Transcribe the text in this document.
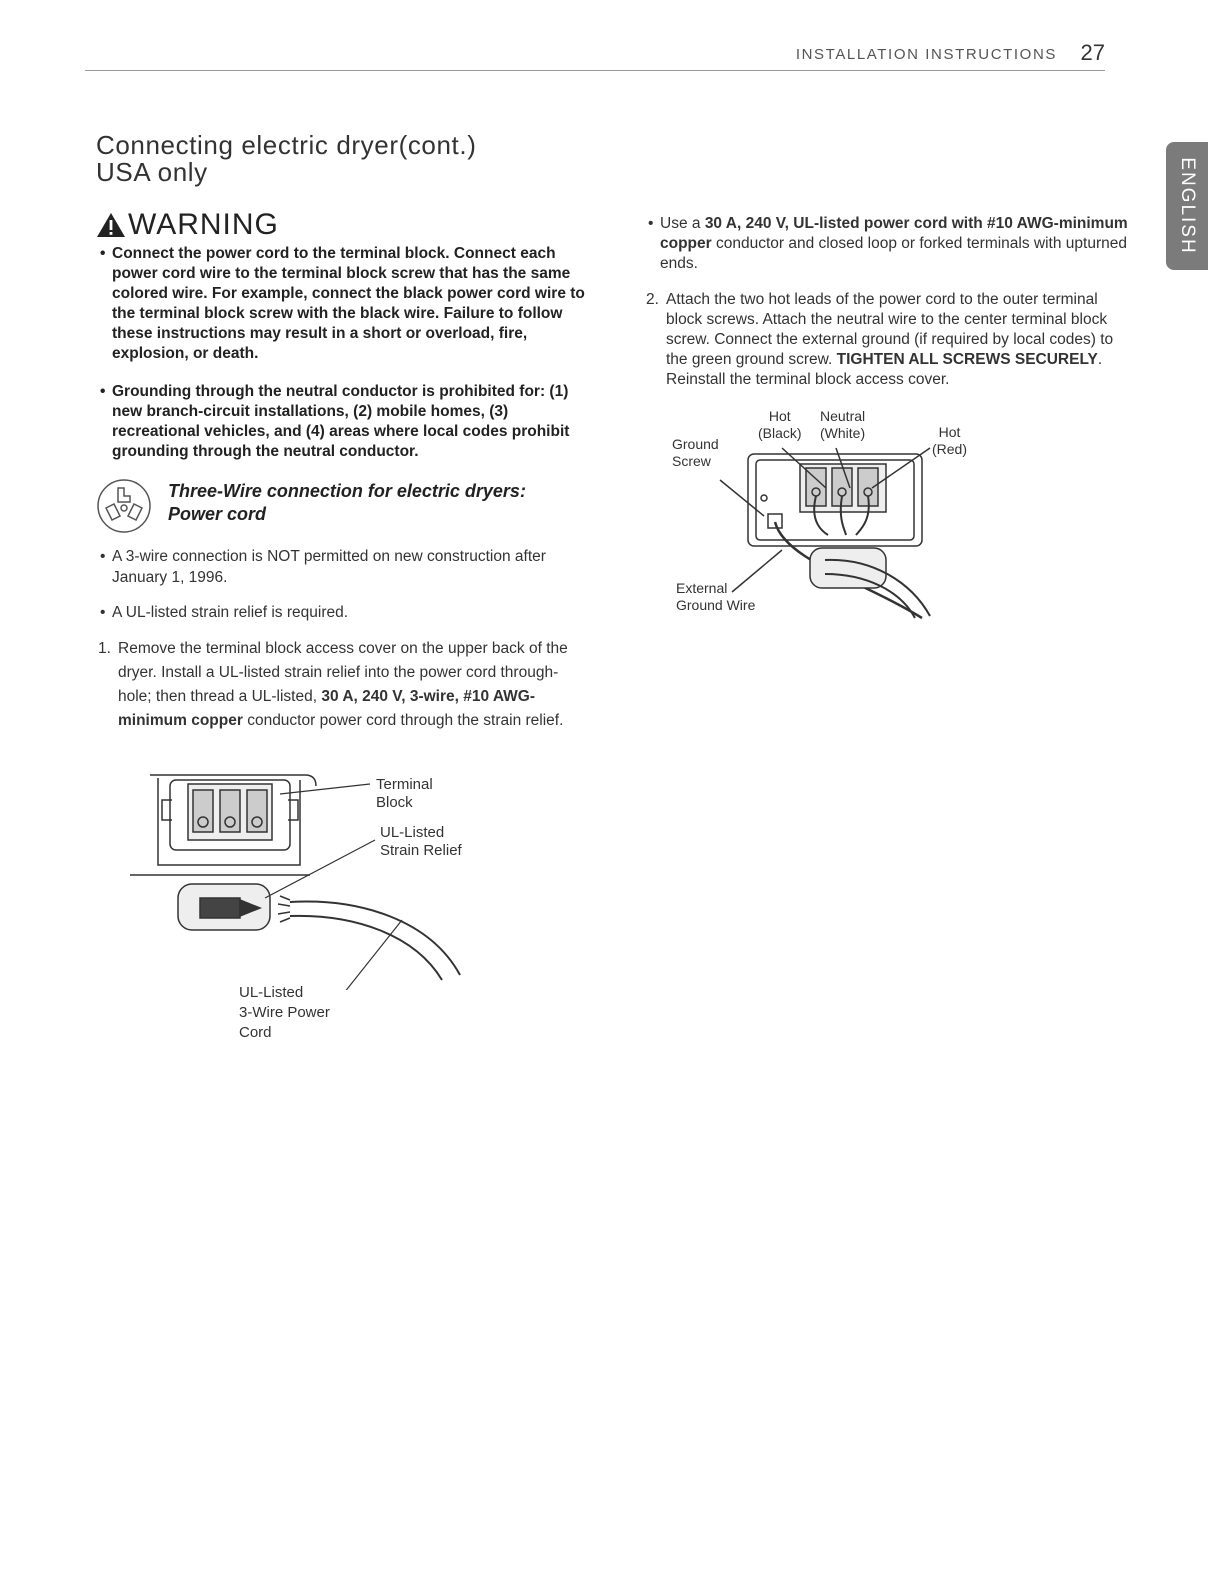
INSTALLATION INSTRUCTIONS 27
ENGLISH
Connecting electric dryer(cont.)
USA only
WARNING

• Connect the power cord to the terminal block. Connect each power cord wire to the terminal block screw that has the same colored wire. For example, connect the black power cord wire to the terminal block screw with the black wire. Failure to follow these instructions may result in a short or overload, fire, explosion, or death.

• Grounding through the neutral conductor is prohibited for: (1) new branch-circuit installations, (2) mobile homes, (3) recreational vehicles, and (4) areas where local codes prohibit grounding through the neutral conductor.

Three-Wire connection for electric dryers:
Power cord

• A 3-wire connection is NOT permitted on new construction after January 1, 1996.

• A UL-listed strain relief is required.

1. Remove the terminal block access cover on the upper back of the dryer. Install a UL-listed strain relief into the power cord through-hole; then thread a UL-listed, 30 A, 240 V, 3-wire, #10 AWG-minimum copper conductor power cord through the strain relief.

• Use a 30 A, 240 V, UL-listed power cord with #10 AWG-minimum copper conductor and closed loop or forked terminals with upturned ends.

2. Attach the two hot leads of the power cord to the outer terminal block screws. Attach the neutral wire to the center terminal block screw. Connect the external ground (if required by local codes) to the green ground screw. TIGHTEN ALL SCREWS SECURELY. Reinstall the terminal block access cover.

Terminal
Block
UL-Listed
Strain Relief
UL-Listed
3-Wire Power
Cord
Hot
(Black)
Neutral
(White)	Hot
(Red)
Ground
Screw
External
Ground Wire
